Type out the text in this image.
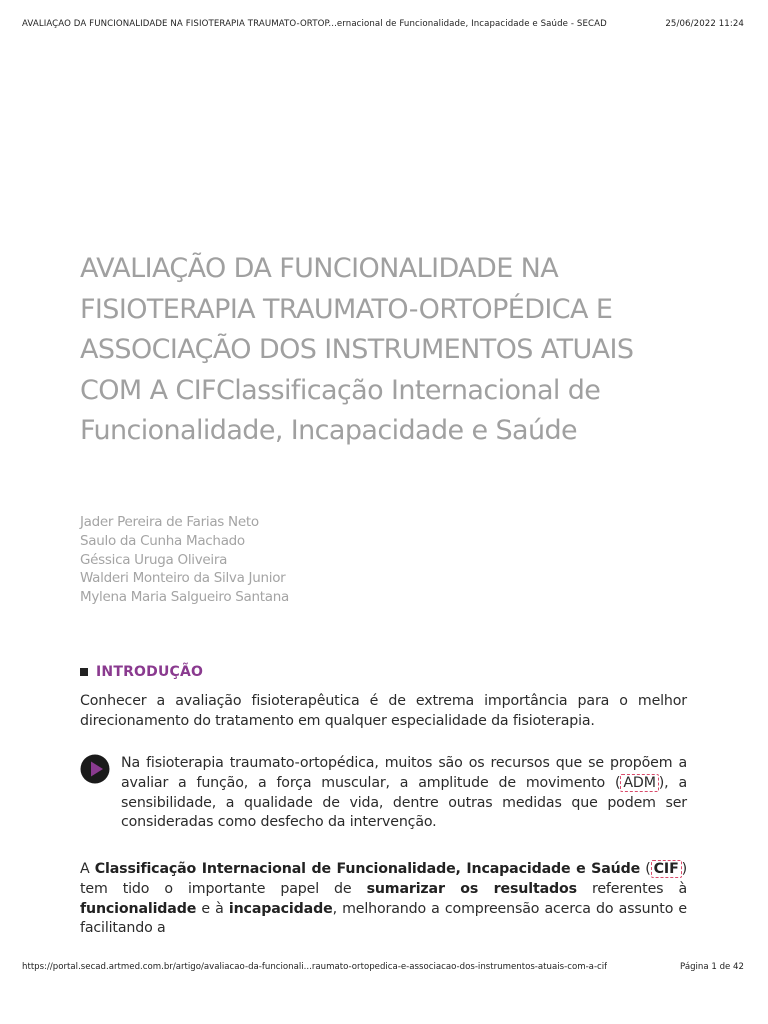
AVALIAÇAO DA FUNCIONALIDADE NA FISIOTERAPIA TRAUMATO-ORTOP...ernacional de Funcionalidade, Incapacidade e Saúde - SECAD	25/06/2022 11:24
AVALIAÇÃO DA FUNCIONALIDADE NA FISIOTERAPIA TRAUMATO-ORTOPÉDICA E ASSOCIAÇÃO DOS INSTRUMENTOS ATUAIS COM A CIFClassificação Internacional de Funcionalidade, Incapacidade e Saúde
Jader Pereira de Farias Neto
Saulo da Cunha Machado
Géssica Uruga Oliveira
Walderi Monteiro da Silva Junior
Mylena Maria Salgueiro Santana
INTRODUÇÃO

Conhecer a avaliação fisioterapêutica é de extrema importância para o melhor direcionamento do tratamento em qualquer especialidade da fisioterapia.

Na fisioterapia traumato-ortopédica, muitos são os recursos que se propõem a avaliar a função, a força muscular, a amplitude de movimento ( ADM ), a sensibilidade, a qualidade de vida, dentre outras medidas que podem ser consideradas como desfecho da intervenção.

A Classificação Internacional de Funcionalidade, Incapacidade e Saúde ( CIF ) tem tido o importante papel de sumarizar os resultados referentes à funcionalidade e à incapacidade, melhorando a compreensão acerca do assunto e facilitando a

https://portal.secad.artmed.com.br/artigo/avaliacao-da-funcionali...raumato-ortopedica-e-associacao-dos-instrumentos-atuais-com-a-cif	Página 1 de 42
